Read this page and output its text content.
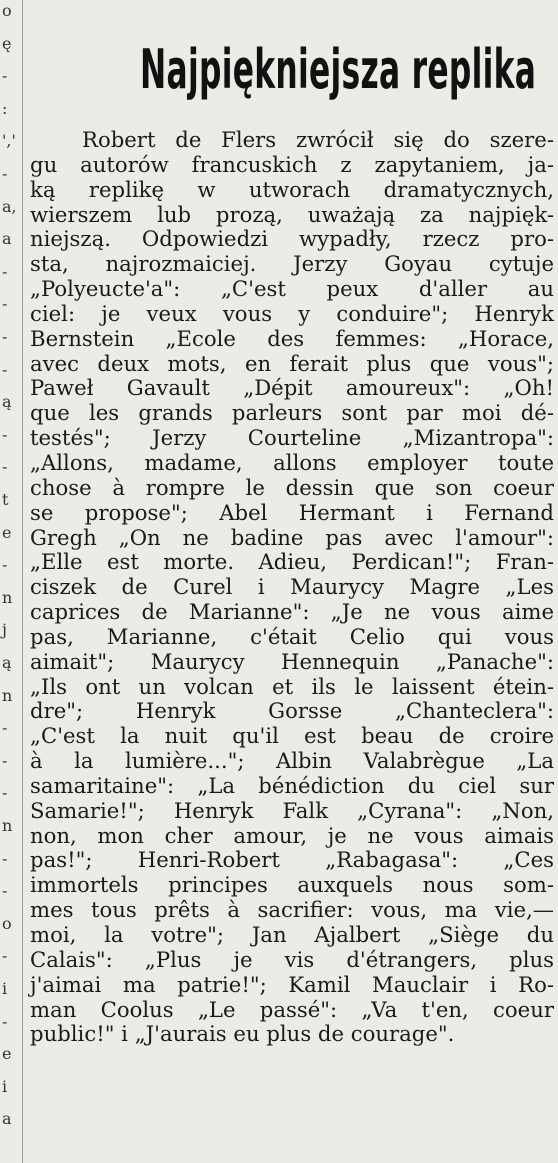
o
ę
-
:
','
-
a,
a
-
-
-
-
ą
-
-
t
e
-
n
j
ą
n
-
-
-
n
-
-
o
-
i
-
e
i
a
Najpiękniejsza replika
Robert de Flers zwrócił się do szere-
gu autorów francuskich z zapytaniem, ja-
ką replikę w utworach dramatycznych,
wierszem lub prozą, uważają za najpięk-
niejszą. Odpowiedzi wypadły, rzecz pro-
sta, najrozmaiciej. Jerzy Goyau cytuje
„Polyeucte'a": „C'est peux d'aller au
ciel: je veux vous y conduire"; Henryk
Bernstein „Ecole des femmes: „Horace,
avec deux mots, en ferait plus que vous";
Paweł Gavault „Dépit amoureux": „Oh!
que les grands parleurs sont par moi dé-
testés"; Jerzy Courteline „Mizantropa":
„Allons, madame, allons employer toute
chose à rompre le dessin que son coeur
se propose"; Abel Hermant i Fernand
Gregh „On ne badine pas avec l'amour":
„Elle est morte. Adieu, Perdican!"; Fran-
ciszek de Curel i Maurycy Magre „Les
caprices de Marianne": „Je ne vous aime
pas, Marianne, c'était Celio qui vous
aimait"; Maurycy Hennequin „Panache":
„Ils ont un volcan et ils le laissent étein-
dre"; Henryk Gorsse „Chanteclera":
„C'est la nuit qu'il est beau de croire
à la lumière..."; Albin Valabrègue „La
samaritaine": „La bénédiction du ciel sur
Samarie!"; Henryk Falk „Cyrana": „Non,
non, mon cher amour, je ne vous aimais
pas!"; Henri-Robert „Rabagasa": „Ces
immortels principes auxquels nous som-
mes tous prêts à sacrifier: vous, ma vie,—
moi, la votre"; Jan Ajalbert „Siège du
Calais": „Plus je vis d'étrangers, plus
j'aimai ma patrie!"; Kamil Mauclair i Ro-
man Coolus „Le passé": „Va t'en, coeur
public!" i „J'aurais eu plus de courage".
